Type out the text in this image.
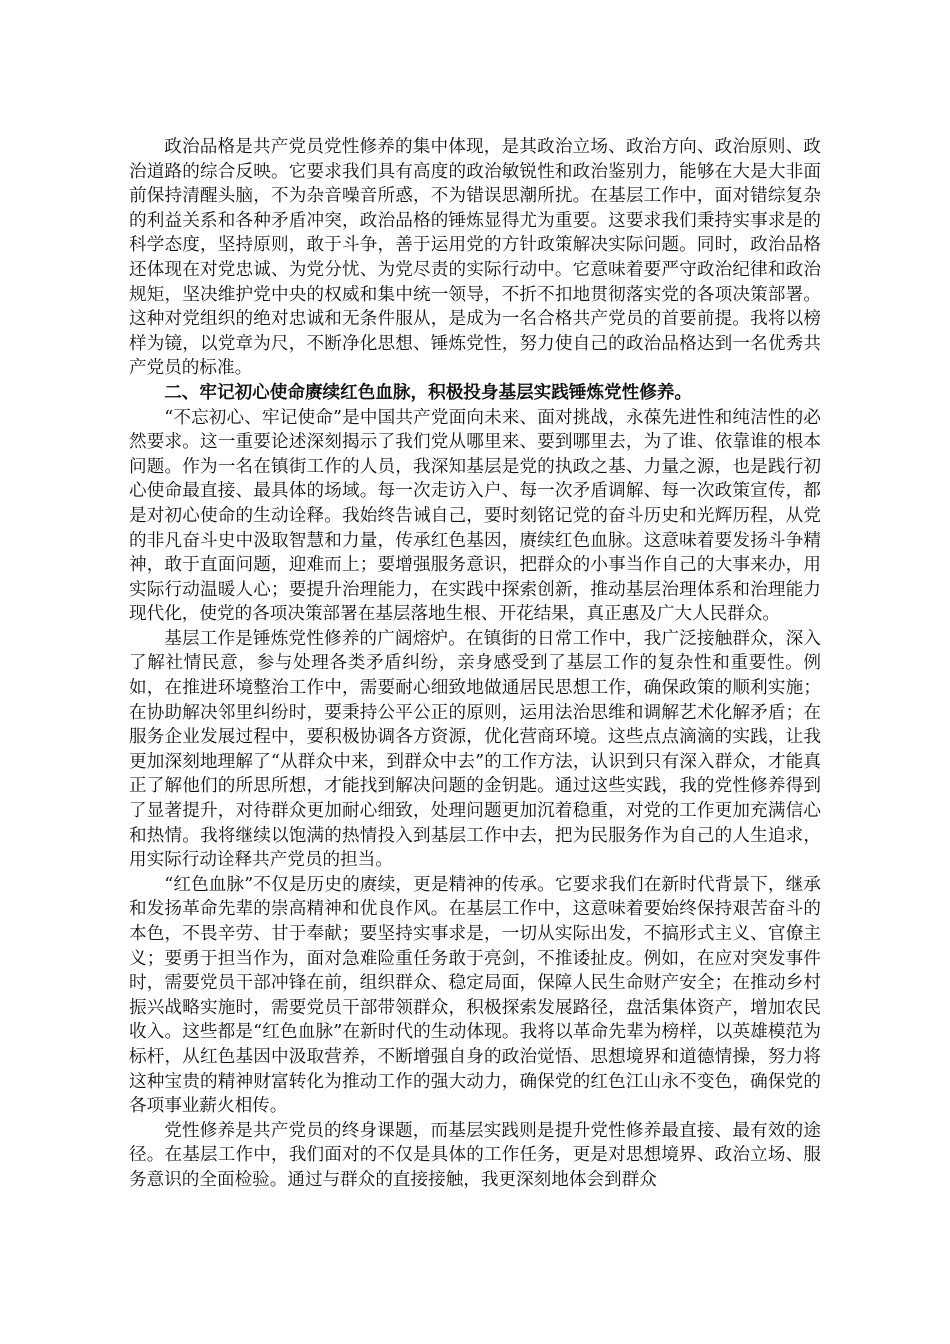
政治品格是共产党员党性修养的集中体现，是其政治立场、政治方向、政治原则、政治道路的综合反映。它要求我们具有高度的政治敏锐性和政治鉴别力，能够在大是大非面前保持清醒头脑，不为杂音噪音所惑，不为错误思潮所扰。在基层工作中，面对错综复杂的利益关系和各种矛盾冲突，政治品格的锤炼显得尤为重要。这要求我们秉持实事求是的科学态度，坚持原则，敢于斗争，善于运用党的方针政策解决实际问题。同时，政治品格还体现在对党忠诚、为党分忧、为党尽责的实际行动中。它意味着要严守政治纪律和政治规矩，坚决维护党中央的权威和集中统一领导，不折不扣地贯彻落实党的各项决策部署。这种对党组织的绝对忠诚和无条件服从，是成为一名合格共产党员的首要前提。我将以榜样为镜，以党章为尺，不断净化思想、锤炼党性，努力使自己的政治品格达到一名优秀共产党员的标准。

二、牢记初心使命赓续红色血脉，积极投身基层实践锤炼党性修养。

“不忘初心、牢记使命”是中国共产党面向未来、面对挑战，永葆先进性和纯洁性的必然要求。这一重要论述深刻揭示了我们党从哪里来、要到哪里去，为了谁、依靠谁的根本问题。作为一名在镇街工作的人员，我深知基层是党的执政之基、力量之源，也是践行初心使命最直接、最具体的场域。每一次走访入户、每一次矛盾调解、每一次政策宣传，都是对初心使命的生动诠释。我始终告诫自己，要时刻铭记党的奋斗历史和光辉历程，从党的非凡奋斗史中汲取智慧和力量，传承红色基因，赓续红色血脉。这意味着要发扬斗争精神，敢于直面问题，迎难而上；要增强服务意识，把群众的小事当作自己的大事来办，用实际行动温暖人心；要提升治理能力，在实践中探索创新，推动基层治理体系和治理能力现代化，使党的各项决策部署在基层落地生根、开花结果，真正惠及广大人民群众。

基层工作是锤炼党性修养的广阔熔炉。在镇街的日常工作中，我广泛接触群众，深入了解社情民意，参与处理各类矛盾纠纷，亲身感受到了基层工作的复杂性和重要性。例如，在推进环境整治工作中，需要耐心细致地做通居民思想工作，确保政策的顺利实施；在协助解决邻里纠纷时，要秉持公平公正的原则，运用法治思维和调解艺术化解矛盾；在服务企业发展过程中，要积极协调各方资源，优化营商环境。这些点点滴滴的实践，让我更加深刻地理解了“从群众中来，到群众中去”的工作方法，认识到只有深入群众，才能真正了解他们的所思所想，才能找到解决问题的金钥匙。通过这些实践，我的党性修养得到了显著提升，对待群众更加耐心细致，处理问题更加沉着稳重，对党的工作更加充满信心和热情。我将继续以饱满的热情投入到基层工作中去，把为民服务作为自己的人生追求，用实际行动诠释共产党员的担当。

“红色血脉”不仅是历史的赓续，更是精神的传承。它要求我们在新时代背景下，继承和发扬革命先辈的崇高精神和优良作风。在基层工作中，这意味着要始终保持艰苦奋斗的本色，不畏辛劳、甘于奉献；要坚持实事求是，一切从实际出发，不搞形式主义、官僚主义；要勇于担当作为，面对急难险重任务敢于亮剑，不推诿扯皮。例如，在应对突发事件时，需要党员干部冲锋在前，组织群众、稳定局面，保障人民生命财产安全；在推动乡村振兴战略实施时，需要党员干部带领群众，积极探索发展路径，盘活集体资产，增加农民收入。这些都是“红色血脉”在新时代的生动体现。我将以革命先辈为榜样，以英雄模范为标杆，从红色基因中汲取营养，不断增强自身的政治觉悟、思想境界和道德情操，努力将这种宝贵的精神财富转化为推动工作的强大动力，确保党的红色江山永不变色，确保党的各项事业薪火相传。

党性修养是共产党员的终身课题，而基层实践则是提升党性修养最直接、最有效的途径。在基层工作中，我们面对的不仅是具体的工作任务，更是对思想境界、政治立场、服务意识的全面检验。通过与群众的直接接触，我更深刻地体会到群众
